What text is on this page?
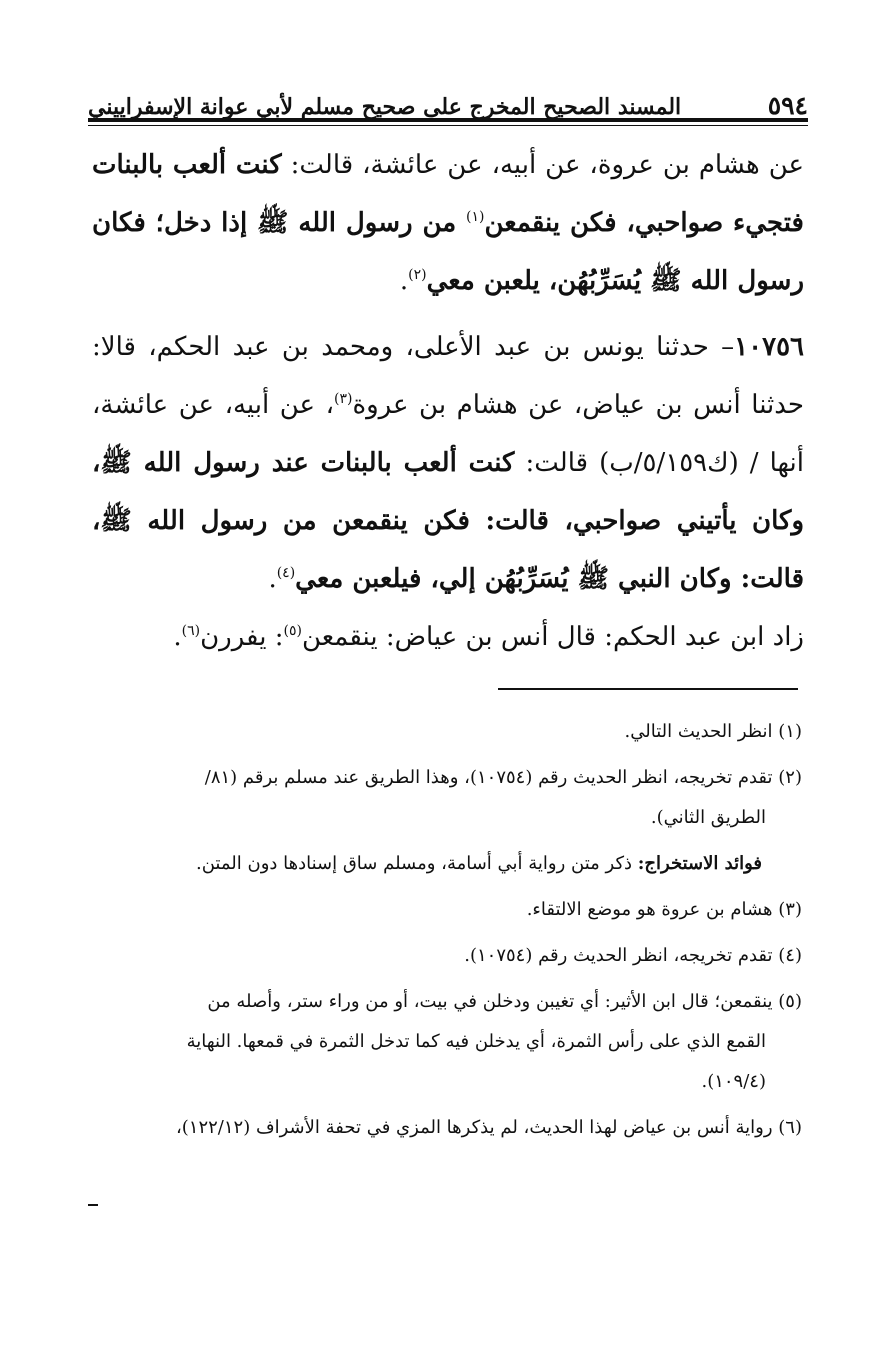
٥٩٤
المسند الصحيح المخرج على صحيح مسلم لأبي عوانة الإسفراييني

عن هشام بن عروة، عن أبيه، عن عائشة، قالت: كنت ألعب بالبنات فتجيء صواحبي، فكن ينقمعن$^{(١)}$ من رسول الله ﷺ إذا دخل؛ فكان رسول الله ﷺ يُسَرِّبُهُن، يلعبن معي$^{(٢)}$.

١٠٧٥٦– حدثنا يونس بن عبد الأعلى، ومحمد بن عبد الحكم، قالا: حدثنا أنس بن عياض، عن هشام بن عروة$^{(٣)}$، عن أبيه، عن عائشة، أنها / (ك٥/١٥٩/ب) قالت: كنت ألعب بالبنات عند رسول الله ﷺ، وكان يأتيني صواحبي، قالت: فكن ينقمعن من رسول الله ﷺ، قالت: وكان النبي ﷺ يُسَرِّبُهُن إلي، فيلعبن معي$^{(٤)}$.

زاد ابن عبد الحكم: قال أنس بن عياض: ينقمعن$^{(٥)}$: يفررن$^{(٦)}$.

(١) انظر الحديث التالي.

(٢) تقدم تخريجه، انظر الحديث رقم (١٠٧٥٤)، وهذا الطريق عند مسلم برقم (٨١/
الطريق الثاني).

فوائد الاستخراج: ذكر متن رواية أبي أسامة، ومسلم ساق إسنادها دون المتن.

(٣) هشام بن عروة هو موضع الالتقاء.

(٤) تقدم تخريجه، انظر الحديث رقم (١٠٧٥٤).

(٥) ينقمعن؛ قال ابن الأثير: أي تغيبن ودخلن في بيت، أو من وراء ستر، وأصله من
القمع الذي على رأس الثمرة، أي يدخلن فيه كما تدخل الثمرة في قمعها. النهاية
(١٠٩/٤).

(٦) رواية أنس بن عياض لهذا الحديث، لم يذكرها المزي في تحفة الأشراف (١٢٢/١٢)،
